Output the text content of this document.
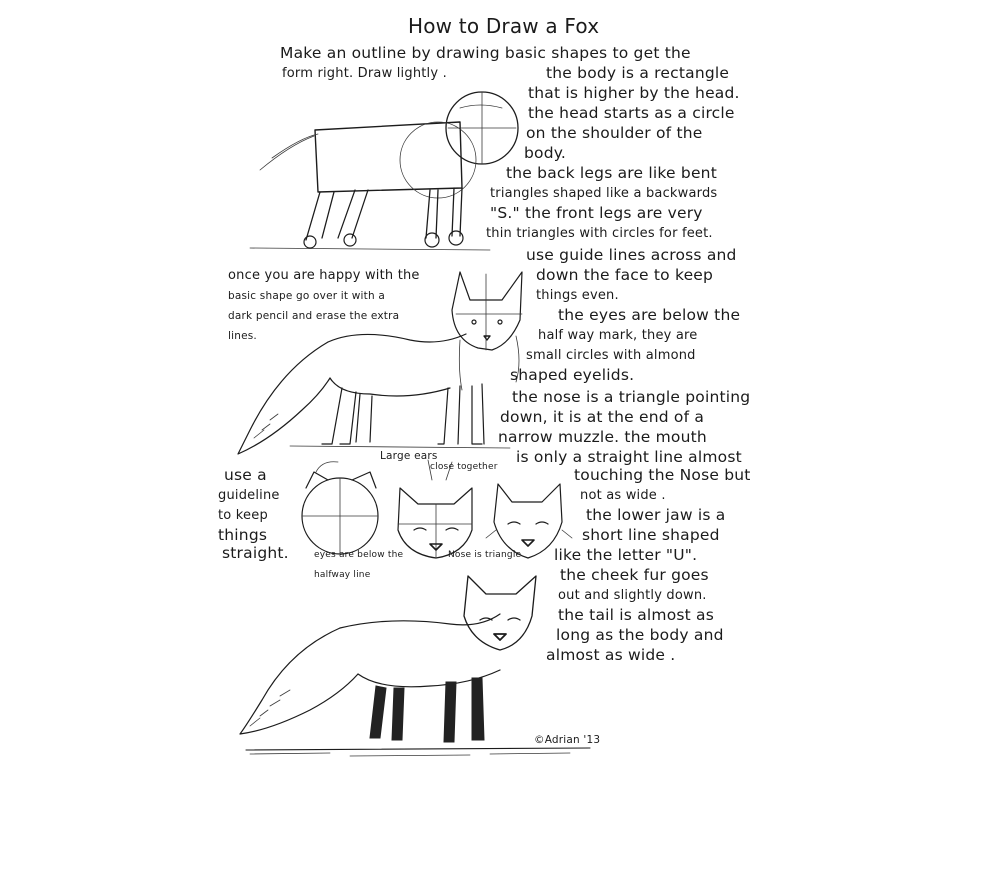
How to Draw a Fox
Make an outline by drawing basic shapes to get the
form right. Draw lightly .	the body is a rectangle
that is higher by the head.
the head starts as a circle
on the shoulder of the
body.
the back legs are like bent
triangles shaped like a backwards
"S." the front legs are very
thin triangles with circles for feet.
once you are happy with the
basic shape go over it with a
dark pencil and erase the extra
lines.
use guide lines across and
down the face to keep
things even.
the eyes are below the
half way mark, they are
small circles with almond
shaped eyelids.
the nose is a triangle pointing
down, it is at the end of a
narrow muzzle. the mouth
is only a straight line almost
use a
guideline
to keep
things
straight.
Large ears
close together
eyes are below the
halfway line
Nose is triangle
touching the Nose but
not as wide .
the lower jaw is a
short line shaped
like the letter "U".
the cheek fur goes
out and slightly down.
the tail is almost as
long as the body and
almost as wide .
©Adrian '13
